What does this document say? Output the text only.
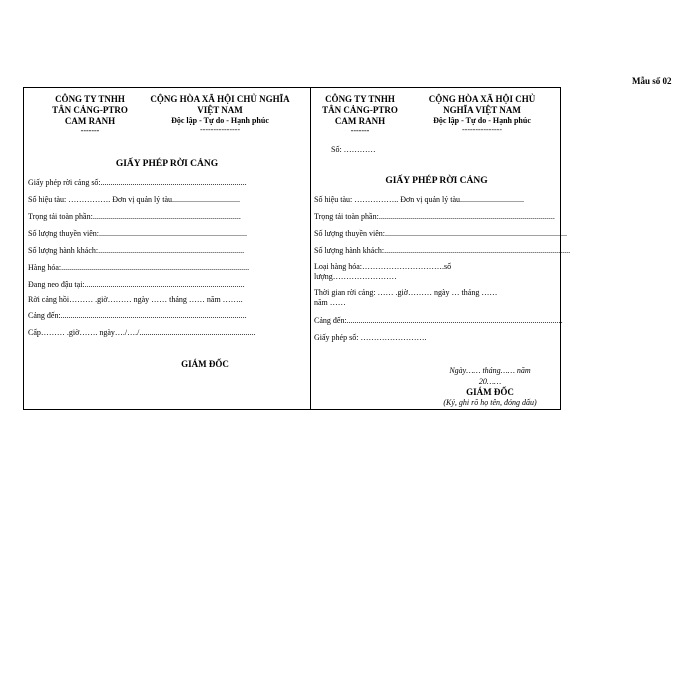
Mẫu số 02
CÔNG TY TNHH
TÂN CẢNG-PTRO
CAM RANH
-------
CỘNG HÒA XÃ HỘI CHỦ NGHĨA
VIỆT NAM
Độc lập - Tự do - Hạnh phúc
---------------
GIẤY PHÉP RỜI CẢNG
Giấy phép rời cảng số:.........................................................................
Số hiệu tàu: ……………. Đơn vị quản lý tàu..................................
Trọng tải toàn phần:..........................................................................
Số lượng thuyền viên:..........................................................................
Số lượng hành khách:.........................................................................
Hàng hóa:..............................................................................................
Đang neo đậu tại:................................................................................
Rời cảng hồi……… .giờ……… ngày …… tháng …… năm ……..
Cảng đến:.............................................................................................
Cấp……… .giờ……. ngày…./…./..........................................................
GIÁM ĐỐC
CÔNG TY TNHH
TÂN CẢNG-PTRO
CAM RANH
-------
Số: …………
CỘNG HÒA XÃ HỘI CHỦ
NGHĨA VIỆT NAM
Độc lập - Tự do - Hạnh phúc
---------------
GIẤY PHÉP RỜI CẢNG
Số hiệu tàu: …………….. Đơn vị quản lý tàu................................
Trọng tải toàn phần:........................................................................................
Số lượng thuyền viên:...........................................................................................
Số lượng hành khách:.............................................................................................
Loại hàng hóa:………………………….số
lượng……………………
Thời gian rời cảng: …… .giờ……… ngày … tháng ……
năm ……
Cảng đến:............................................................................................................
Giấy phép số: …………………….
Ngày…… tháng…… năm
20……
GIÁM ĐỐC
(Ký, ghi rõ họ tên, đóng dấu)
